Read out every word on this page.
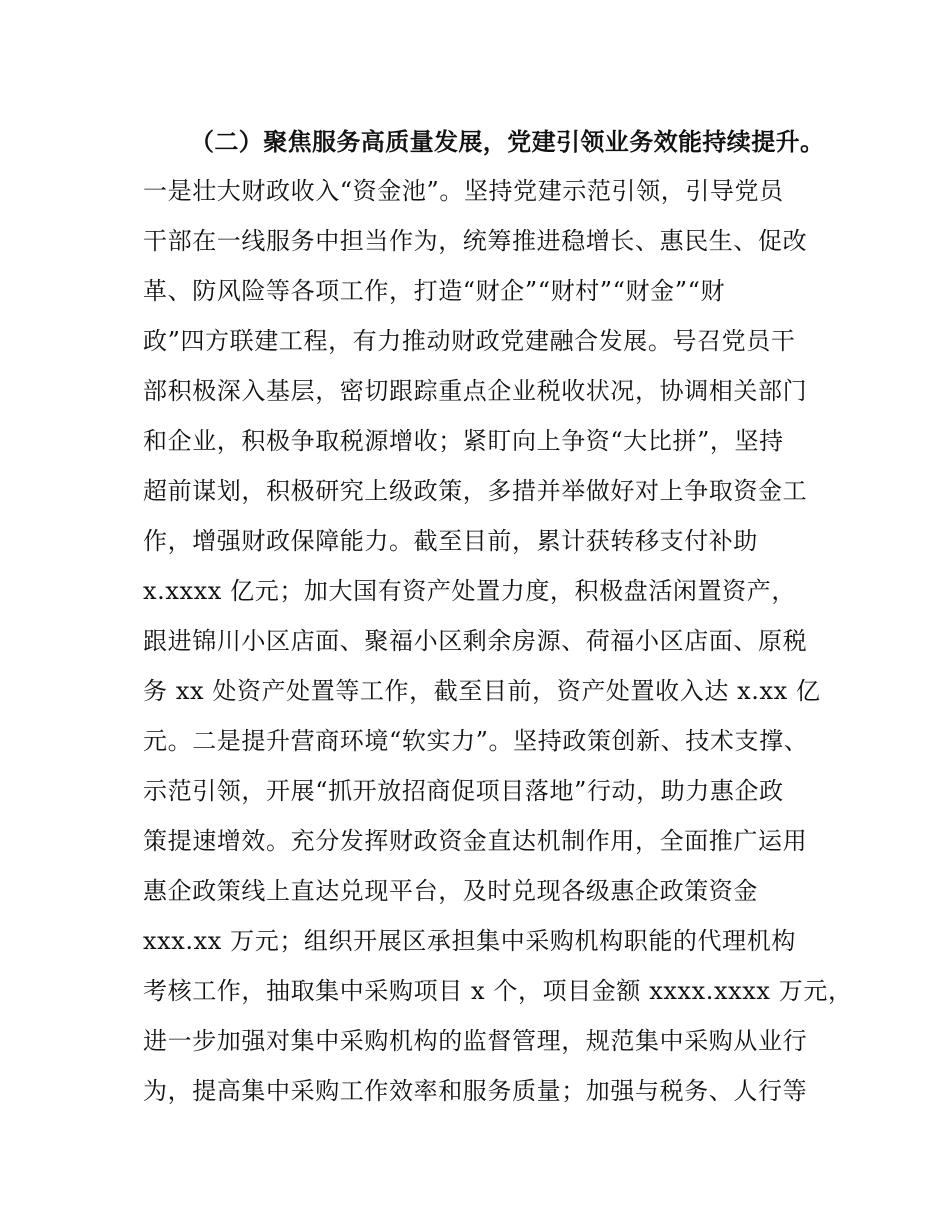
（二）聚焦服务高质量发展，党建引领业务效能持续提升。
一是壮大财政收入“资金池”。坚持党建示范引领，引导党员
干部在一线服务中担当作为，统筹推进稳增长、惠民生、促改
革、防风险等各项工作，打造“财企”“财村”“财金”“财
政”四方联建工程，有力推动财政党建融合发展。号召党员干
部积极深入基层，密切跟踪重点企业税收状况，协调相关部门
和企业，积极争取税源增收；紧盯向上争资“大比拼”，坚持
超前谋划，积极研究上级政策，多措并举做好对上争取资金工
作，增强财政保障能力。截至目前，累计获转移支付补助
x.xxxx 亿元；加大国有资产处置力度，积极盘活闲置资产，
跟进锦川小区店面、聚福小区剩余房源、荷福小区店面、原税
务 xx 处资产处置等工作，截至目前，资产处置收入达 x.xx 亿
元。二是提升营商环境“软实力”。坚持政策创新、技术支撑、
示范引领，开展“抓开放招商促项目落地”行动，助力惠企政
策提速增效。充分发挥财政资金直达机制作用，全面推广运用
惠企政策线上直达兑现平台，及时兑现各级惠企政策资金
xxx.xx 万元；组织开展区承担集中采购机构职能的代理机构
考核工作，抽取集中采购项目 x 个，项目金额 xxxx.xxxx 万元，
进一步加强对集中采购机构的监督管理，规范集中采购从业行
为，提高集中采购工作效率和服务质量；加强与税务、人行等
